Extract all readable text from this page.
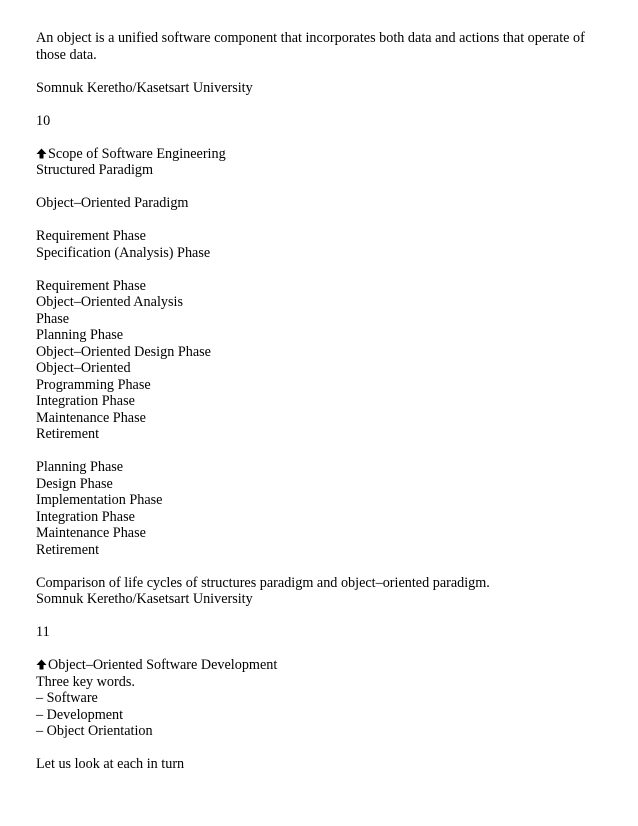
An object is a unified software component that incorporates both data and actions that operate of those data.
Somnuk Keretho/Kasetsart University
10
Scope of Software Engineering
Structured Paradigm
Object–Oriented Paradigm
Requirement Phase
Specification (Analysis) Phase
Requirement Phase
Object–Oriented Analysis
Phase
Planning Phase
Object–Oriented Design Phase
Object–Oriented
Programming Phase
Integration Phase
Maintenance Phase
Retirement
Planning Phase
Design Phase
Implementation Phase
Integration Phase
Maintenance Phase
Retirement
Comparison of life cycles of structures paradigm and object–oriented paradigm.
Somnuk Keretho/Kasetsart University
11
Object–Oriented Software Development
Three key words.
– Software
– Development
– Object Orientation
Let us look at each in turn
